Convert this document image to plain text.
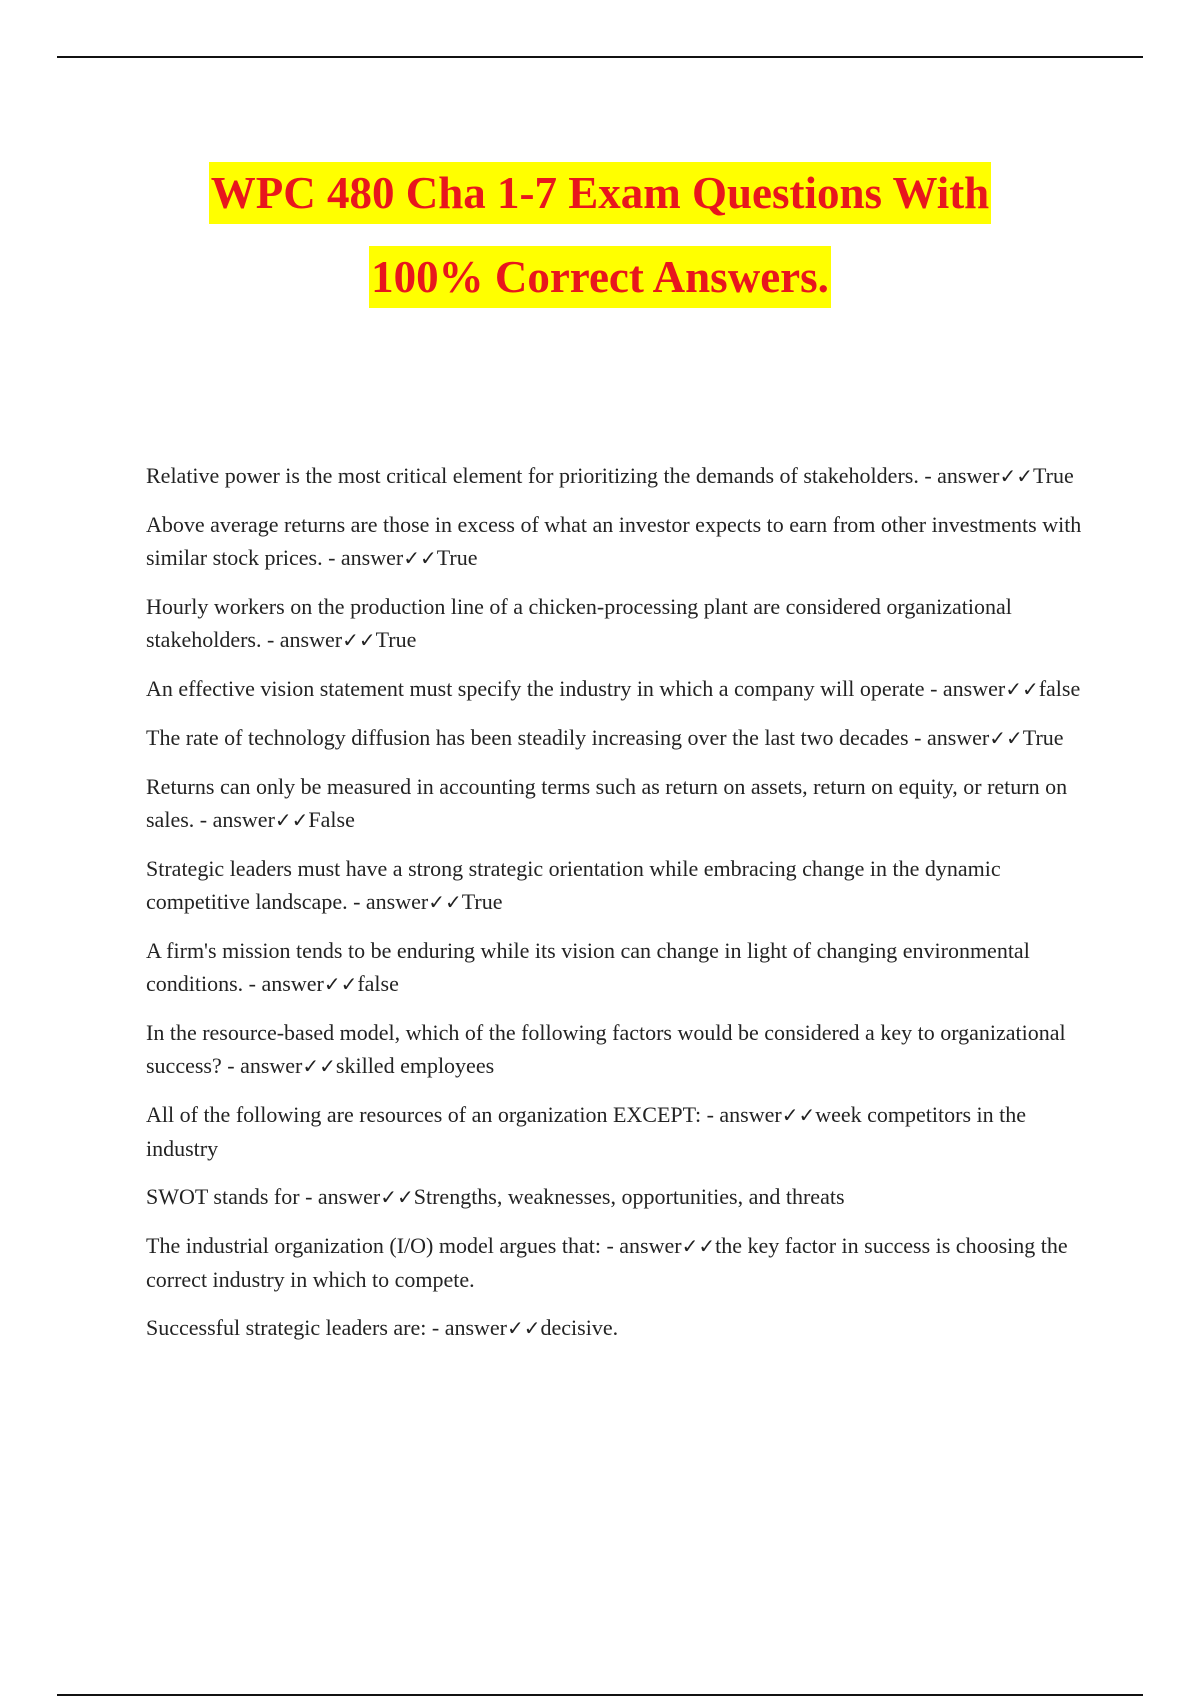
WPC 480 Cha 1-7 Exam Questions With
100% Correct Answers.
Relative power is the most critical element for prioritizing the demands of stakeholders. - answer✓✓True
Above average returns are those in excess of what an investor expects to earn from other investments with similar stock prices. - answer✓✓True
Hourly workers on the production line of a chicken-processing plant are considered organizational stakeholders. - answer✓✓True
An effective vision statement must specify the industry in which a company will operate - answer✓✓false
The rate of technology diffusion has been steadily increasing over the last two decades - answer✓✓True
Returns can only be measured in accounting terms such as return on assets, return on equity, or return on sales. - answer✓✓False
Strategic leaders must have a strong strategic orientation while embracing change in the dynamic competitive landscape. - answer✓✓True
A firm's mission tends to be enduring while its vision can change in light of changing environmental conditions. - answer✓✓false
In the resource-based model, which of the following factors would be considered a key to organizational success? - answer✓✓skilled employees
All of the following are resources of an organization EXCEPT: - answer✓✓week competitors in the industry
SWOT stands for - answer✓✓Strengths, weaknesses, opportunities, and threats
The industrial organization (I/O) model argues that: - answer✓✓the key factor in success is choosing the correct industry in which to compete.
Successful strategic leaders are: - answer✓✓decisive.
